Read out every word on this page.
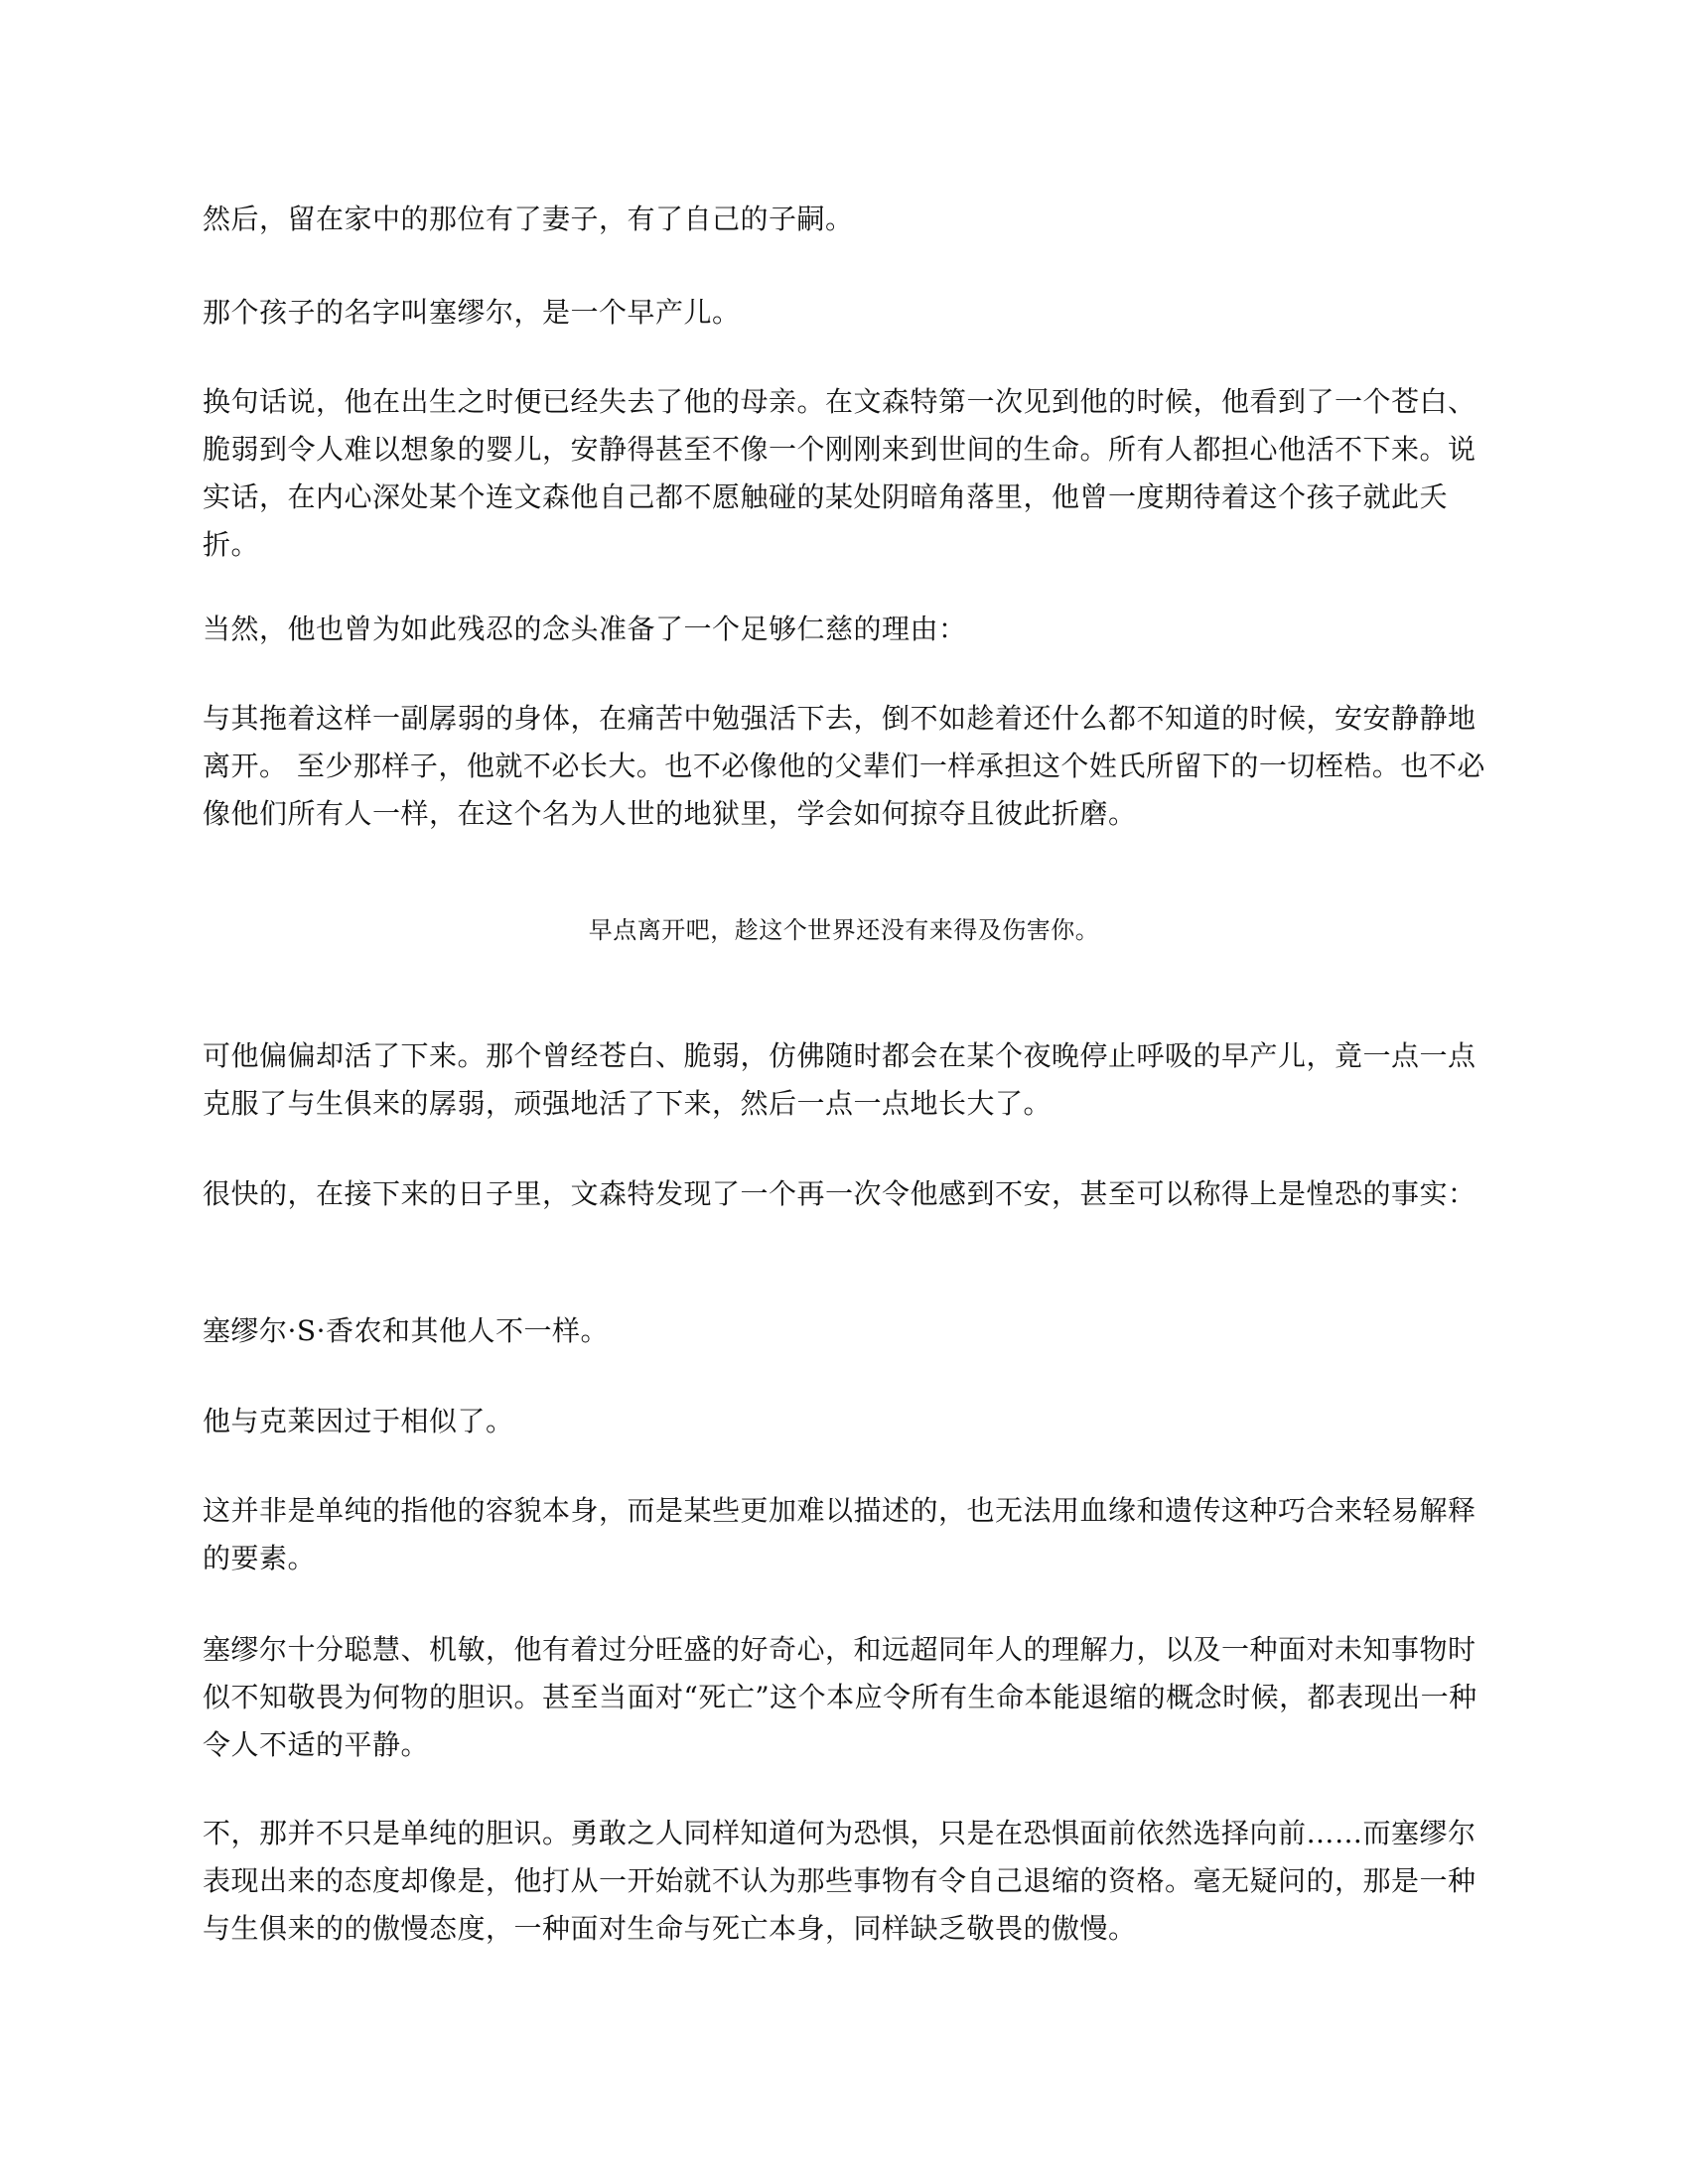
然后，留在家中的那位有了妻子，有了自己的子嗣。

那个孩子的名字叫塞缪尔，是一个早产儿。

换句话说，他在出生之时便已经失去了他的母亲。在文森特第一次见到他的时候，他看到了一个苍白、脆弱到令人难以想象的婴儿，安静得甚至不像一个刚刚来到世间的生命。所有人都担心他活不下来。说实话，在内心深处某个连文森他自己都不愿触碰的某处阴暗角落里，他曾一度期待着这个孩子就此夭折。

当然，他也曾为如此残忍的念头准备了一个足够仁慈的理由：

与其拖着这样一副孱弱的身体，在痛苦中勉强活下去，倒不如趁着还什么都不知道的时候，安安静静地离开。 至少那样子，他就不必长大。也不必像他的父辈们一样承担这个姓氏所留下的一切桎梏。也不必像他们所有人一样，在这个名为人世的地狱里，学会如何掠夺且彼此折磨。

早点离开吧，趁这个世界还没有来得及伤害你。

可他偏偏却活了下来。那个曾经苍白、脆弱，仿佛随时都会在某个夜晚停止呼吸的早产儿，竟一点一点克服了与生俱来的孱弱，顽强地活了下来，然后一点一点地长大了。

很快的，在接下来的日子里，文森特发现了一个再一次令他感到不安，甚至可以称得上是惶恐的事实：

塞缪尔·S·香农和其他人不一样。

他与克莱因过于相似了。

这并非是单纯的指他的容貌本身，而是某些更加难以描述的，也无法用血缘和遗传这种巧合来轻易解释的要素。

塞缪尔十分聪慧、机敏，他有着过分旺盛的好奇心，和远超同年人的理解力，以及一种面对未知事物时似不知敬畏为何物的胆识。甚至当面对“死亡”这个本应令所有生命本能退缩的概念时候，都表现出一种令人不适的平静。

不，那并不只是单纯的胆识。勇敢之人同样知道何为恐惧，只是在恐惧面前依然选择向前……而塞缪尔表现出来的态度却像是，他打从一开始就不认为那些事物有令自己退缩的资格。毫无疑问的，那是一种与生俱来的的傲慢态度，一种面对生命与死亡本身，同样缺乏敬畏的傲慢。
